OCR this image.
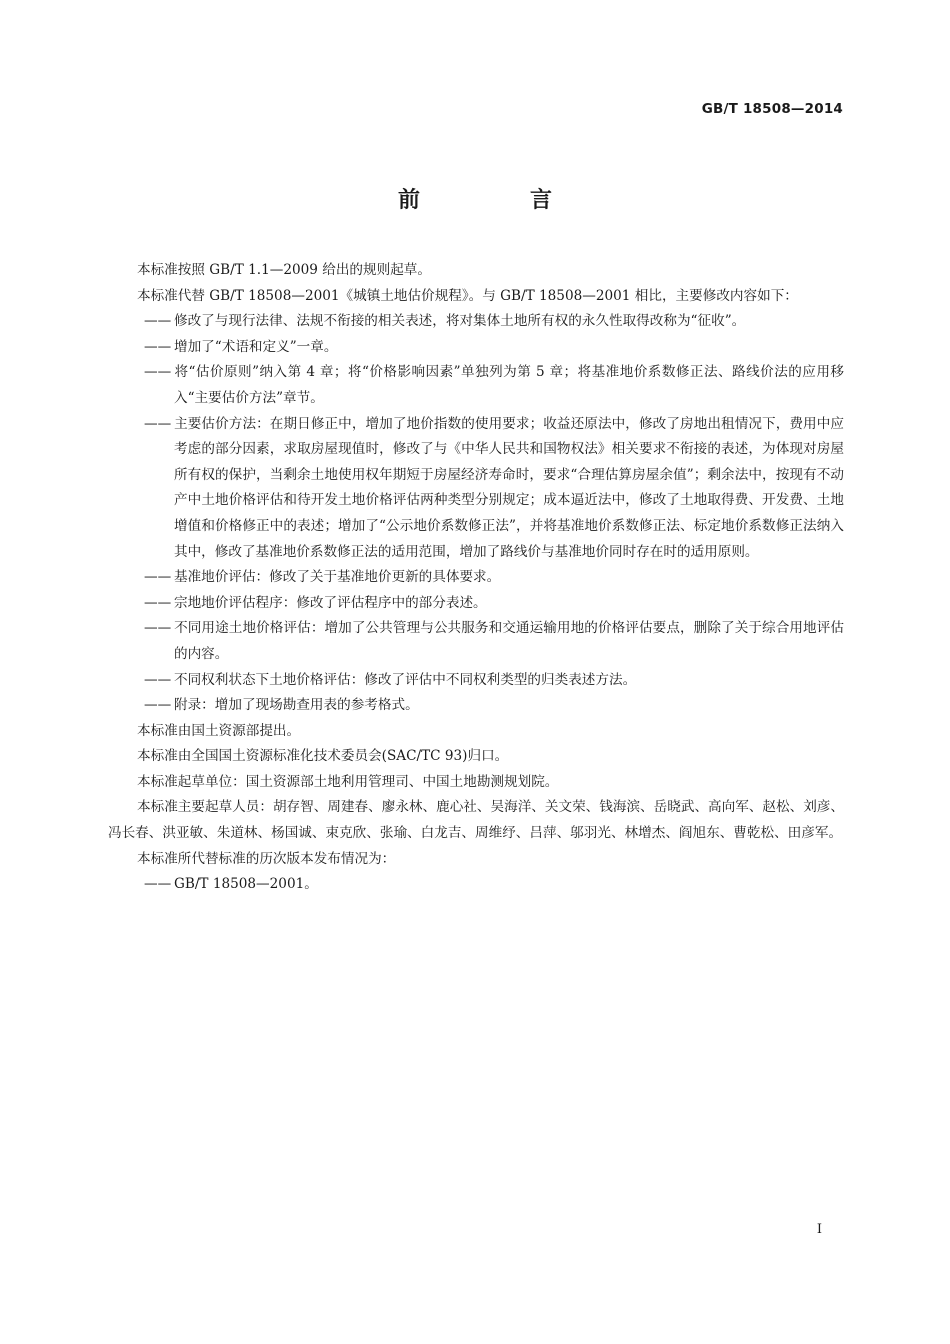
GB/T 18508—2014
前　言

本标准按照 GB/T 1.1—2009 给出的规则起草。

本标准代替 GB/T 18508—2001《城镇土地估价规程》。与 GB/T 18508—2001 相比，主要修改内容如下：

—— 修改了与现行法律、法规不衔接的相关表述，将对集体土地所有权的永久性取得改称为“征收”。

—— 增加了“术语和定义”一章。

—— 将“估价原则”纳入第 4 章；将“价格影响因素”单独列为第 5 章；将基准地价系数修正法、路线价法的应用移入“主要估价方法”章节。

—— 主要估价方法：在期日修正中，增加了地价指数的使用要求；收益还原法中，修改了房地出租情况下，费用中应考虑的部分因素，求取房屋现值时，修改了与《中华人民共和国物权法》相关要求不衔接的表述，为体现对房屋所有权的保护，当剩余土地使用权年期短于房屋经济寿命时，要求“合理估算房屋余值”；剩余法中，按现有不动产中土地价格评估和待开发土地价格评估两种类型分别规定；成本逼近法中，修改了土地取得费、开发费、土地增值和价格修正中的表述；增加了“公示地价系数修正法”，并将基准地价系数修正法、标定地价系数修正法纳入其中，修改了基准地价系数修正法的适用范围，增加了路线价与基准地价同时存在时的适用原则。

—— 基准地价评估：修改了关于基准地价更新的具体要求。

—— 宗地地价评估程序：修改了评估程序中的部分表述。

—— 不同用途土地价格评估：增加了公共管理与公共服务和交通运输用地的价格评估要点，删除了关于综合用地评估的内容。

—— 不同权利状态下土地价格评估：修改了评估中不同权利类型的归类表述方法。

—— 附录：增加了现场勘查用表的参考格式。

本标准由国土资源部提出。

本标准由全国国土资源标准化技术委员会(SAC/TC 93)归口。

本标准起草单位：国土资源部土地利用管理司、中国土地勘测规划院。

本标准主要起草人员：胡存智、周建春、廖永林、鹿心社、吴海洋、关文荣、钱海滨、岳晓武、高向军、赵松、刘彦、冯长春、洪亚敏、朱道林、杨国诚、束克欣、张瑜、白龙吉、周维纾、吕萍、邬羽光、林增杰、阎旭东、曹乾松、田彦军。

本标准所代替标准的历次版本发布情况为：

—— GB/T 18508—2001。

I
